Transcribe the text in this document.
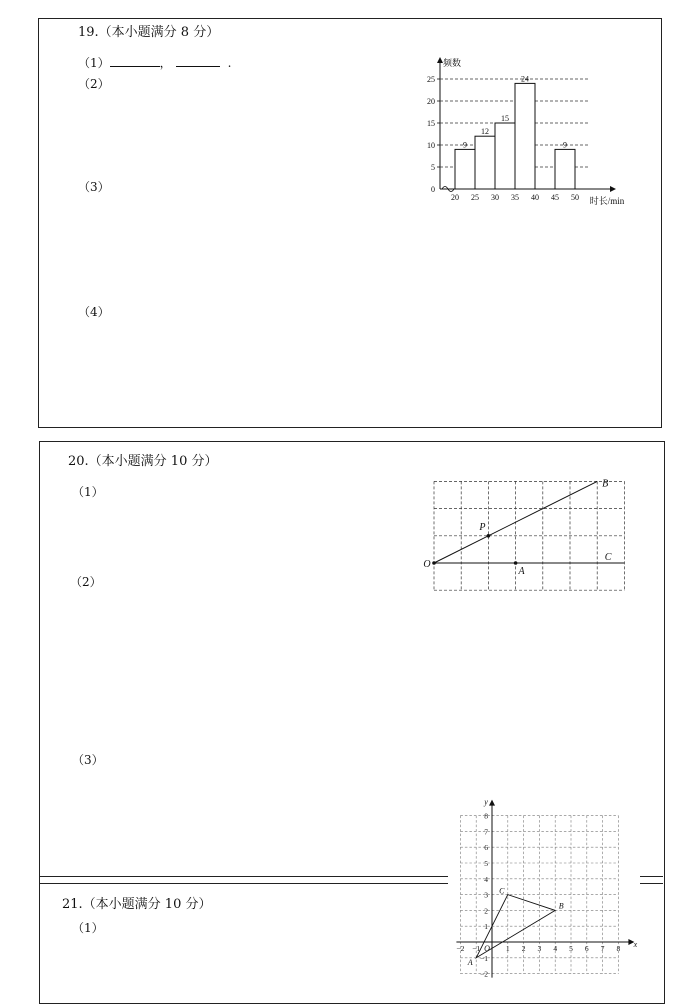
19.（本小题满分 8 分）
（1）	，	.
（2）
（3）
（4）
0
5
10
15
20
25
9
12
15
24
9
20 25 30 35 40 45 50
频数
时长/min
20.（本小题满分 10 分）
（1）
（2）
（3）
O
P
A
B
C
21.（本小题满分 10 分）
（1）
x
y
O
−2 −1	1 2 3 4 5 6 7 8
8
7
6
5
4
3
2
1
−1
−2
A
B
C
